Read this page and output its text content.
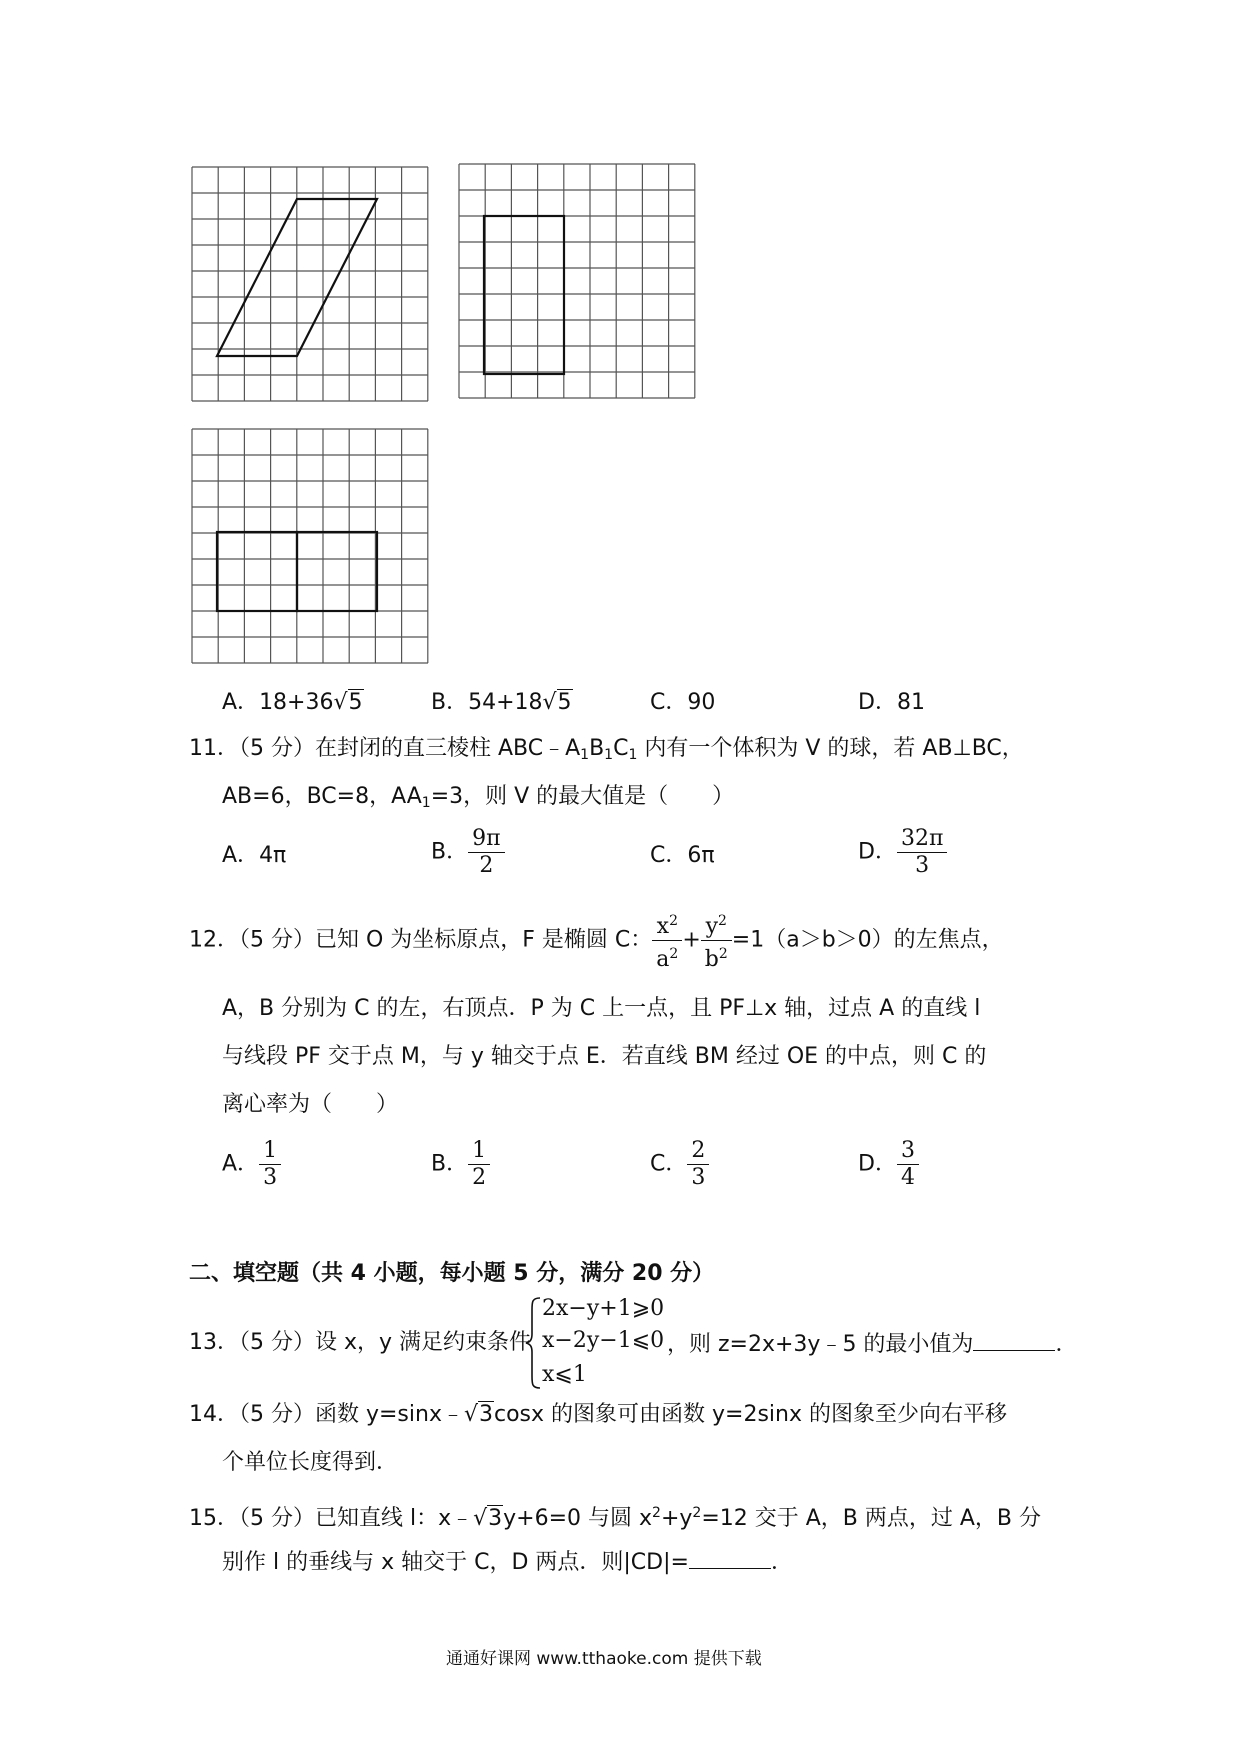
A．18+36√5	B．54+18√5	C．90	D．81
11．（5 分）在封闭的直三棱柱 $ABC﹣A_1B_1C_1$ 内有一个体积为 V 的球，若 AB⊥BC，
AB=6，BC=8，$AA_1=3$，则 V 的最大值是（　　）
A．4π	B． $\frac{9\pi}{2}$	C．6π	D． $\frac{32\pi}{3}$
12．（5 分）已知 O 为坐标原点，F 是椭圆 C： $\frac{x^2}{a^2} + \frac{y^2}{b^2} =1(a>b>0)$的左焦点，
A，B 分别为 C 的左，右顶点．P 为 C 上一点，且 PF⊥x 轴，过点 A 的直线 l
与线段 PF 交于点 M，与 y 轴交于点 E．若直线 BM 经过 OE 的中点，则 C 的
离心率为（　　）
A． $\frac{1}{3}$	B． $\frac{1}{2}$	C． $\frac{2}{3}$	D． $\frac{3}{4}$
二、填空题（共 4 小题，每小题 5 分，满分 20 分）
13．（5 分）设 x，y 满足约束条件
2x−y+1⩾0
x−2y−1⩽0
x⩽1
，则 z=2x+3y﹣5 的最小值为	．
14．（5 分）函数 y=sinx﹣√3cosx 的图象可由函数 y=2sinx 的图象至少向右平移
个单位长度得到．
15．（5 分）已知直线 l：x﹣√3y+6=0 与圆 $x^2+y^2=12$ 交于 A，B 两点，过 A，B 分
别作 l 的垂线与 x 轴交于 C，D 两点．则|CD|=	．
通通好课网 www.tthaoke.com 提供下载
